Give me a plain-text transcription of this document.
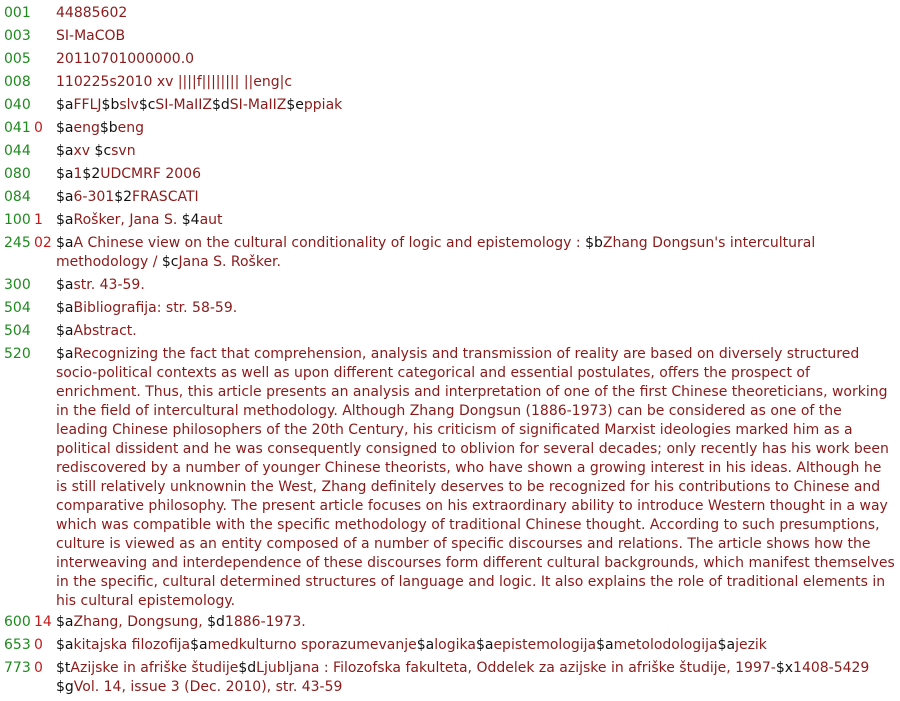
001 44885602
003 SI-MaCOB
005 20110701000000.0
008 110225s2010 xv ||||f|||||||| ||eng|c
040 $aFFLJ$bslv$cSI-MaIIZ$dSI-MaIIZ$eppiak
041 0 $aeng$beng
044 $axv $csvn
080 $a1$2UDCMRF 2006
084 $a6-301$2FRASCATI
100 1 $aRošker, Jana S. $4aut
245 02 $aA Chinese view on the cultural conditionality of logic and epistemology : $bZhang Dongsun's intercultural methodology / $cJana S. Rošker.
300 $astr. 43-59.
504 $aBibliografija: str. 58-59.
504 $aAbstract.
520 $aRecognizing the fact that comprehension, analysis and transmission of reality are based on diversely structured socio-political contexts as well as upon different categorical and essential postulates, offers the prospect of enrichment. Thus, this article presents an analysis and interpretation of one of the first Chinese theoreticians, working in the field of intercultural methodology. Although Zhang Dongsun (1886-1973) can be considered as one of the leading Chinese philosophers of the 20th Century, his criticism of significated Marxist ideologies marked him as a political dissident and he was consequently consigned to oblivion for several decades; only recently has his work been rediscovered by a number of younger Chinese theorists, who have shown a growing interest in his ideas. Although he is still relatively unknownin the West, Zhang definitely deserves to be recognized for his contributions to Chinese and comparative philosophy. The present article focuses on his extraordinary ability to introduce Western thought in a way which was compatible with the specific methodology of traditional Chinese thought. According to such presumptions, culture is viewed as an entity composed of a number of specific discourses and relations. The article shows how the interweaving and interdependence of these discourses form different cultural backgrounds, which manifest themselves in the specific, cultural determined structures of language and logic. It also explains the role of traditional elements in his cultural epistemology.
600 14 $aZhang, Dongsung, $d1886-1973.
653 0 $akitajska filozofija$amedkulturno sporazumevanje$alogika$aepistemologija$ametolodologija$ajezik
773 0 $tAzijske in afriške študije$dLjubljana : Filozofska fakulteta, Oddelek za azijske in afriške študije, 1997-$x1408-5429 $gVol. 14, issue 3 (Dec. 2010), str. 43-59
